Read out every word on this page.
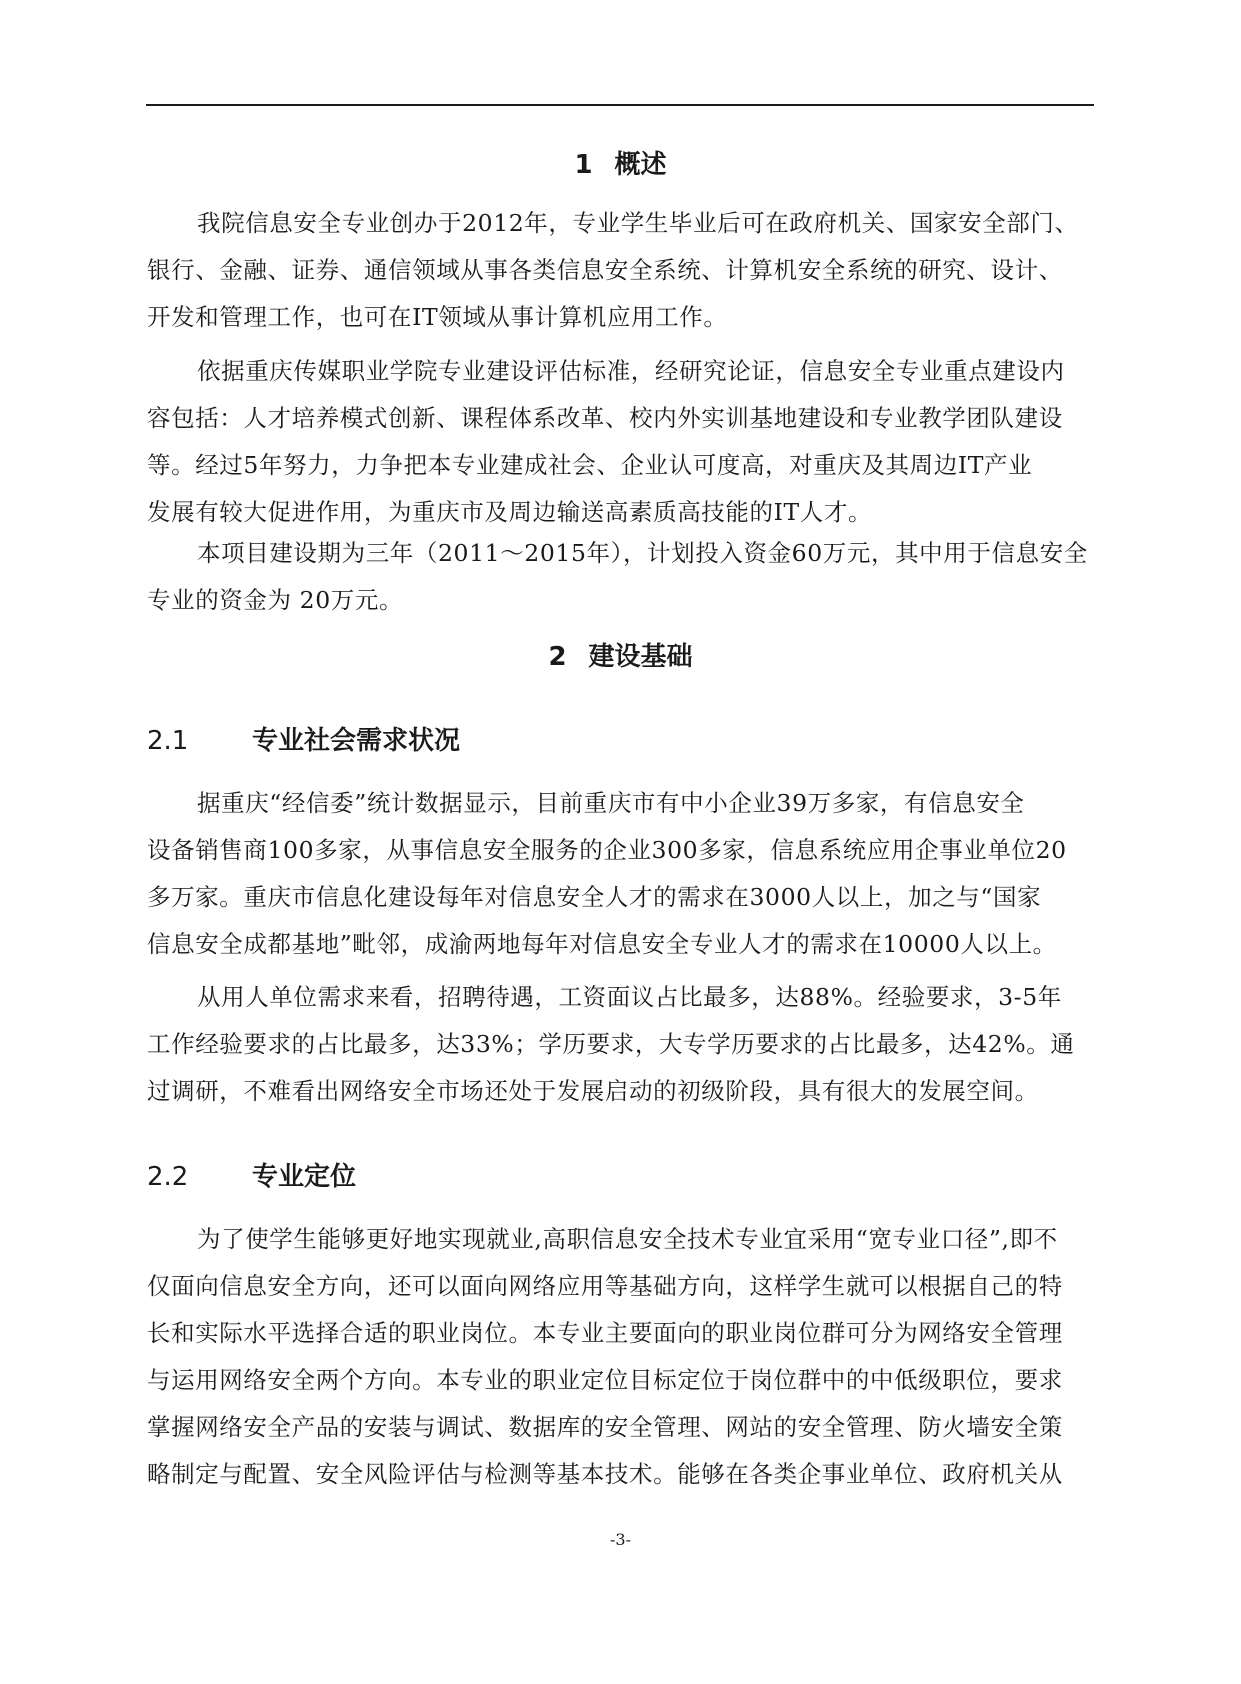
1 概述

我院信息安全专业创办于2012年，专业学生毕业后可在政府机关、国家安全部门、
银行、金融、证券、通信领域从事各类信息安全系统、计算机安全系统的研究、设计、
开发和管理工作，也可在IT领域从事计算机应用工作。

依据重庆传媒职业学院专业建设评估标准，经研究论证，信息安全专业重点建设内
容包括：人才培养模式创新、课程体系改革、校内外实训基地建设和专业教学团队建设
等。经过5年努力，力争把本专业建成社会、企业认可度高，对重庆及其周边IT产业
发展有较大促进作用，为重庆市及周边输送高素质高技能的IT人才。

本项目建设期为三年（2011～2015年），计划投入资金60万元，其中用于信息安全
专业的资金为 20万元。

2 建设基础
2.1 专业社会需求状况

据重庆“经信委”统计数据显示，目前重庆市有中小企业39万多家，有信息安全
设备销售商100多家，从事信息安全服务的企业300多家，信息系统应用企事业单位20
多万家。重庆市信息化建设每年对信息安全人才的需求在3000人以上，加之与“国家
信息安全成都基地”毗邻，成渝两地每年对信息安全专业人才的需求在10000人以上。

从用人单位需求来看，招聘待遇，工资面议占比最多，达88%。经验要求，3-5年
工作经验要求的占比最多，达33%；学历要求，大专学历要求的占比最多，达42%。通
过调研，不难看出网络安全市场还处于发展启动的初级阶段，具有很大的发展空间。

2.2 专业定位

为了使学生能够更好地实现就业,高职信息安全技术专业宜采用“宽专业口径”,即不
仅面向信息安全方向，还可以面向网络应用等基础方向，这样学生就可以根据自己的特
长和实际水平选择合适的职业岗位。本专业主要面向的职业岗位群可分为网络安全管理
与运用网络安全两个方向。本专业的职业定位目标定位于岗位群中的中低级职位，要求
掌握网络安全产品的安装与调试、数据库的安全管理、网站的安全管理、防火墙安全策
略制定与配置、安全风险评估与检测等基本技术。能够在各类企事业单位、政府机关从

-3-
